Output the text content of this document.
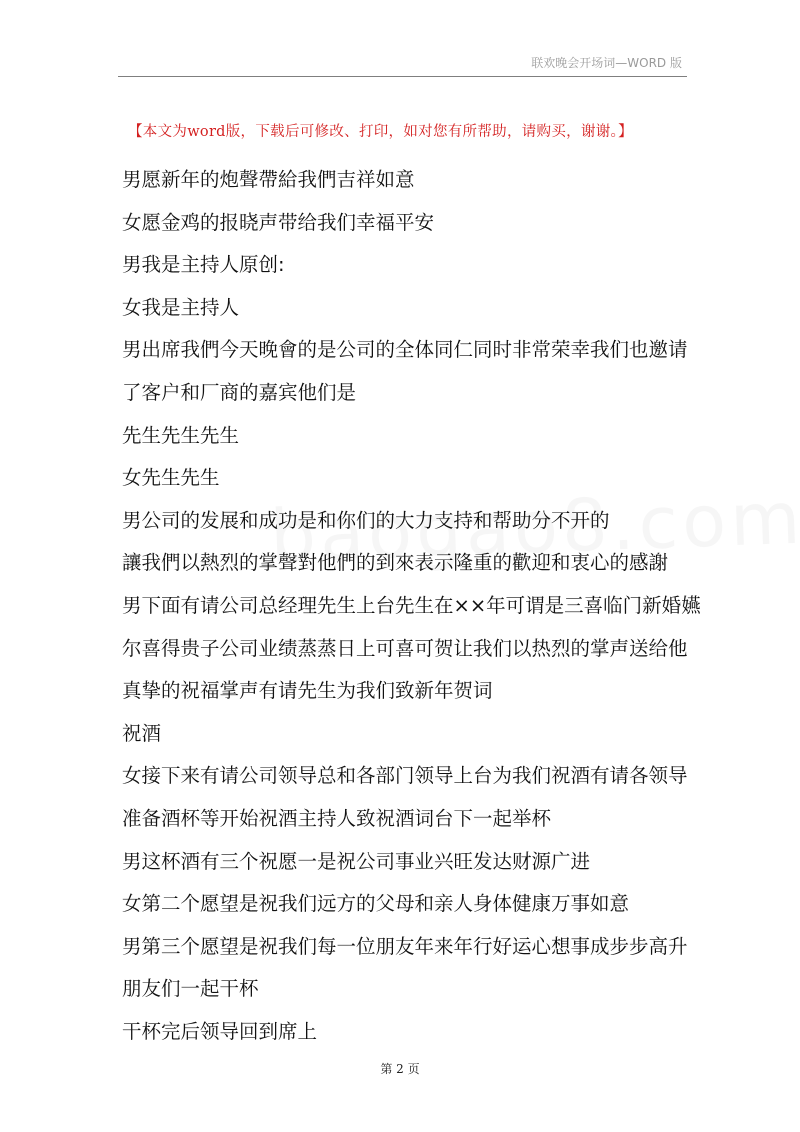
联欢晚会开场词—WORD 版
【本文为word版，下载后可修改、打印，如对您有所帮助，请购买，谢谢。】
男愿新年的炮聲帶給我們吉祥如意
女愿金鸡的报晓声带给我们幸福平安
男我是主持人原创:
女我是主持人
男出席我們今天晚會的是公司的全体同仁同时非常荣幸我们也邀请
了客户和厂商的嘉宾他们是
先生先生先生
女先生先生
男公司的发展和成功是和你们的大力支持和帮助分不开的
讓我們以熱烈的掌聲對他們的到來表示隆重的歡迎和衷心的感謝
男下面有请公司总经理先生上台先生在××年可谓是三喜临门新婚嬿
尔喜得贵子公司业绩蒸蒸日上可喜可贺让我们以热烈的掌声送给他
真挚的祝福掌声有请先生为我们致新年贺词
祝酒
女接下来有请公司领导总和各部门领导上台为我们祝酒有请各领导
准备酒杯等开始祝酒主持人致祝酒词台下一起举杯
男这杯酒有三个祝愿一是祝公司事业兴旺发达财源广进
女第二个愿望是祝我们远方的父母和亲人身体健康万事如意
男第三个愿望是祝我们每一位朋友年来年行好运心想事成步步高升
朋友们一起干杯
干杯完后领导回到席上
第 2 页
